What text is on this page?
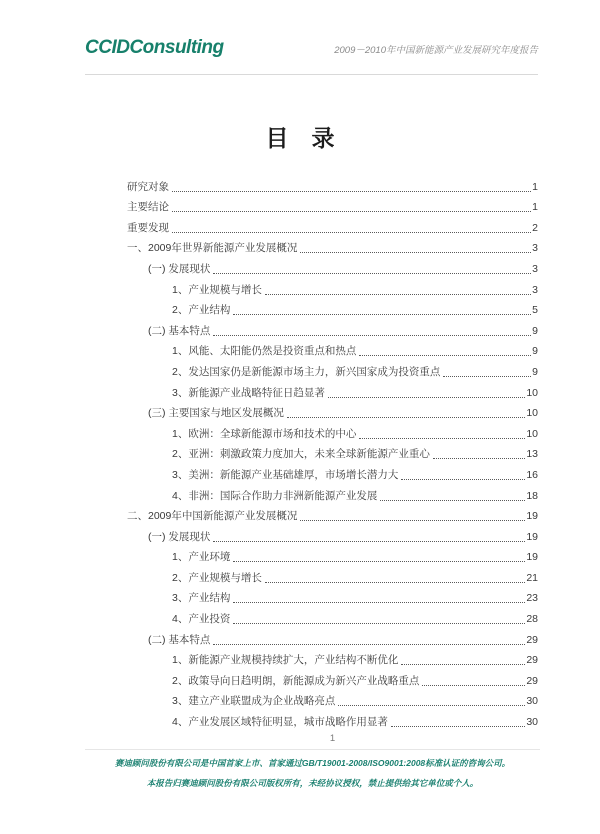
CCIDConsulting	2009－2010年中国新能源产业发展研究年度报告
目　录
研究对象	1
主要结论	1
重要发现	2
一、2009年世界新能源产业发展概况	3
(一) 发展现状	3
1、产业规模与增长	3
2、产业结构	5
(二) 基本特点	9
1、风能、太阳能仍然是投资重点和热点	9
2、发达国家仍是新能源市场主力，新兴国家成为投资重点	9
3、新能源产业战略特征日趋显著	10
(三) 主要国家与地区发展概况	10
1、欧洲：全球新能源市场和技术的中心	10
2、亚洲：刺激政策力度加大，未来全球新能源产业重心	13
3、美洲：新能源产业基础雄厚，市场增长潜力大	16
4、非洲：国际合作助力非洲新能源产业发展	18
二、2009年中国新能源产业发展概况	19
(一) 发展现状	19
1、产业环境	19
2、产业规模与增长	21
3、产业结构	23
4、产业投资	28
(二) 基本特点	29
1、新能源产业规模持续扩大，产业结构不断优化	29
2、政策导向日趋明朗，新能源成为新兴产业战略重点	29
3、建立产业联盟成为企业战略亮点	30
4、产业发展区域特征明显，城市战略作用显著	30
1
赛迪顾问股份有限公司是中国首家上市、首家通过GB/T19001-2008/ISO9001:2008标准认证的咨询公司。
本报告归赛迪顾问股份有限公司版权所有，未经协议授权，禁止提供给其它单位或个人。
